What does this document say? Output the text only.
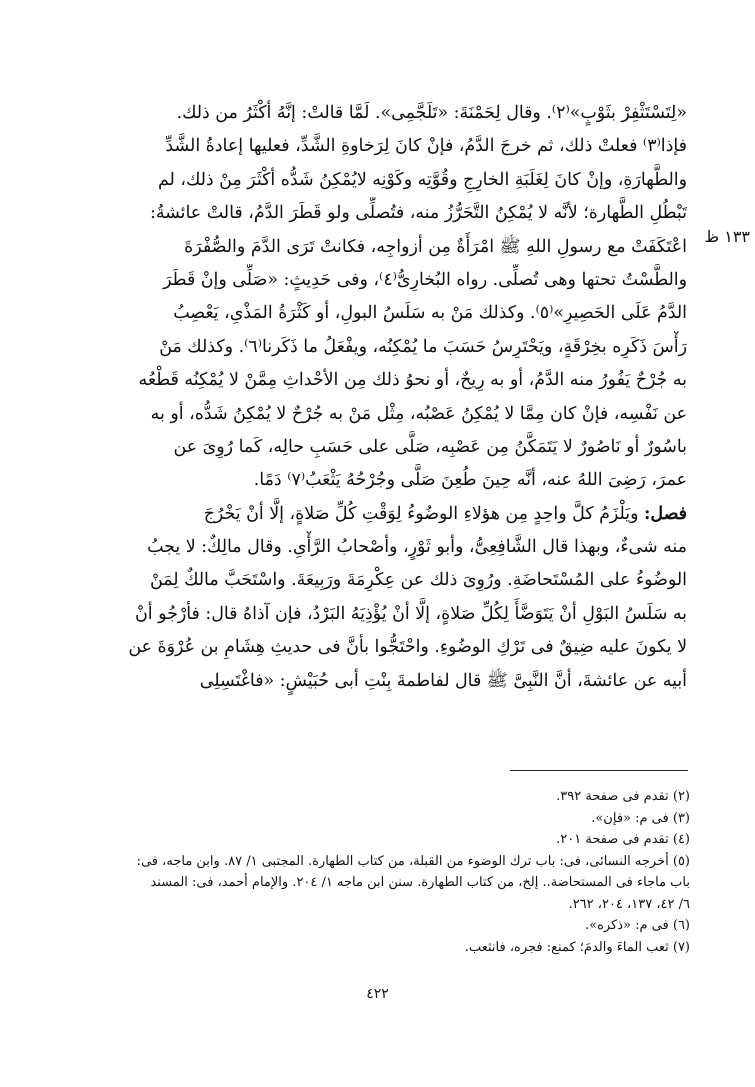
١٣٣ ظ
«لِتَسْتَثْفِرْ بثَوْبٍ»⁽٢⁾. وقال لِحَمْنَةَ: «تَلَجَّمِى». لَمَّا قالتْ: إنَّهُ أكْثَرُ من ذلك.
فإذا⁽٣⁾ فعلتْ ذلك، ثم خرجَ الدَّمُ، فإنْ كانَ لِرَخاوةِ الشَّدِّ، فعليها إعادةُ الشَّدِّ
والطَّهارَةِ، وإنْ كانَ لِغَلَبَةِ الخارِجِ وقُوَّتِه وكَوْنِه لايُمْكِنُ شَدُّه أكْثَرَ مِنْ ذلك، لم
تَبْطُلِ الطَّهارة؛ لأنَّه لا يُمْكِنُ التَّحَرُّزُ منه، فتُصلِّى ولو قَطَرَ الدَّمُ، قالتْ عائشةُ:
اعْتَكَفَتْ مع رسولِ اللهِ ﷺ امْرَأَةٌ مِن أزواجِه، فكانتْ تَرَى الدَّمَ والصُّفْرَةَ
والطَّسْتُ تحتها وهى تُصلِّى. رواه البُخارِىُّ⁽٤⁾، وفى حَدِيثٍ: «صَلِّى وإنْ قَطَرَ
الدَّمُ عَلَى الحَصِيرِ»⁽٥⁾. وكذلك مَنْ به سَلَسُ البولِ، أو كَثْرَةُ المَذْىِ، يَعْصِبُ
رَأْسَ ذَكَرِه بخِرْقَةٍ، ويَحْتَرِسُ حَسَبَ ما يُمْكِنُه، ويفْعَلُ ما ذَكَرنا⁽٦⁾. وكذلك مَنْ
به جُرْحٌ يَفُورُ منه الدَّمُ، أو به رِيحٌ، أو نحوُ ذلك مِن الأحْداثِ مِمَّنْ لا يُمْكِنُه قَطْعُه
عن نَفْسِه، فإنْ كان مِمَّا لا يُمْكِنُ عَصْبُه، مِثْل مَنْ به جُرْحٌ لا يُمْكِنُ شَدُّه، أو به
باسُورٌ أو نَاصُورٌ لا يَتَمَكَّنُ مِن عَصْبِه، صَلَّى على حَسَبِ حالِه، كَما رُوِىَ عن
عمرَ، رَضِىَ اللهُ عنه، أنَّه حِينَ طُعِنَ صَلَّى وجُرْحُهُ يَثْعَبُ⁽٧⁾ دَمًا.
فصل: ويَلْزَمُ كلَّ واحِدٍ مِن هؤلاءِ الوضُوءُ لِوَقْتِ كُلِّ صَلاةٍ، إلَّا أنْ يَخْرُجَ
منه شىءٌ، وبهذا قال الشَّافِعِىُّ، وأبو ثَوْرٍ، وأصْحابُ الرَّأْىِ. وقال مالِكٌ: لا يجبُ
الوضُوءُ على المُسْتَحاضَةِ. ورُوِىَ ذلك عن عِكْرِمَةَ ورَبِيعَةَ. واسْتَحَبَّ مالكٌ لِمَنْ
به سَلَسُ البَوْلِ أنْ يَتَوَضَّأَ لِكُلِّ صَلاةٍ، إلَّا أنْ يُؤْذِيَهُ البَرْدُ، فإن آذاهُ قال: فأرْجُو أنْ
لا يكونَ عليه ضِيقٌ فى تَرْكِ الوضُوءِ. واحْتَجُّوا بأنَّ فى حديثِ هِشَامِ بن عُرْوَةَ عن
أبيه عن عائشةَ، أنَّ النَّبِىَّ ﷺ قال لفاطمةَ بِنْتِ أبى حُبَيْشٍ: «فاغْتَسِلِى
(٢) تقدم فى صفحة ٣٩٢.
(٣) فى م: «فإن».
(٤) تقدم فى صفحة ٢٠١.
(٥) أخرجه النسائى، فى: باب ترك الوضوء من القبلة، من كتاب الطهارة. المجتبى ١/ ٨٧. وابن ماجه، فى:
باب ماجاء فى المستحاضة.. إلخ، من كتاب الطهارة. سنن ابن ماجه ١/ ٢٠٤. والإمام أحمد، فى: المسند
٦/ ٤٢، ١٣٧، ٢٠٤، ٢٦٢.
(٦) فى م: «ذكره».
(٧) ثعب الماءَ والدمَ؛ كمنع: فجره، فانثعب.
٤٢٢
